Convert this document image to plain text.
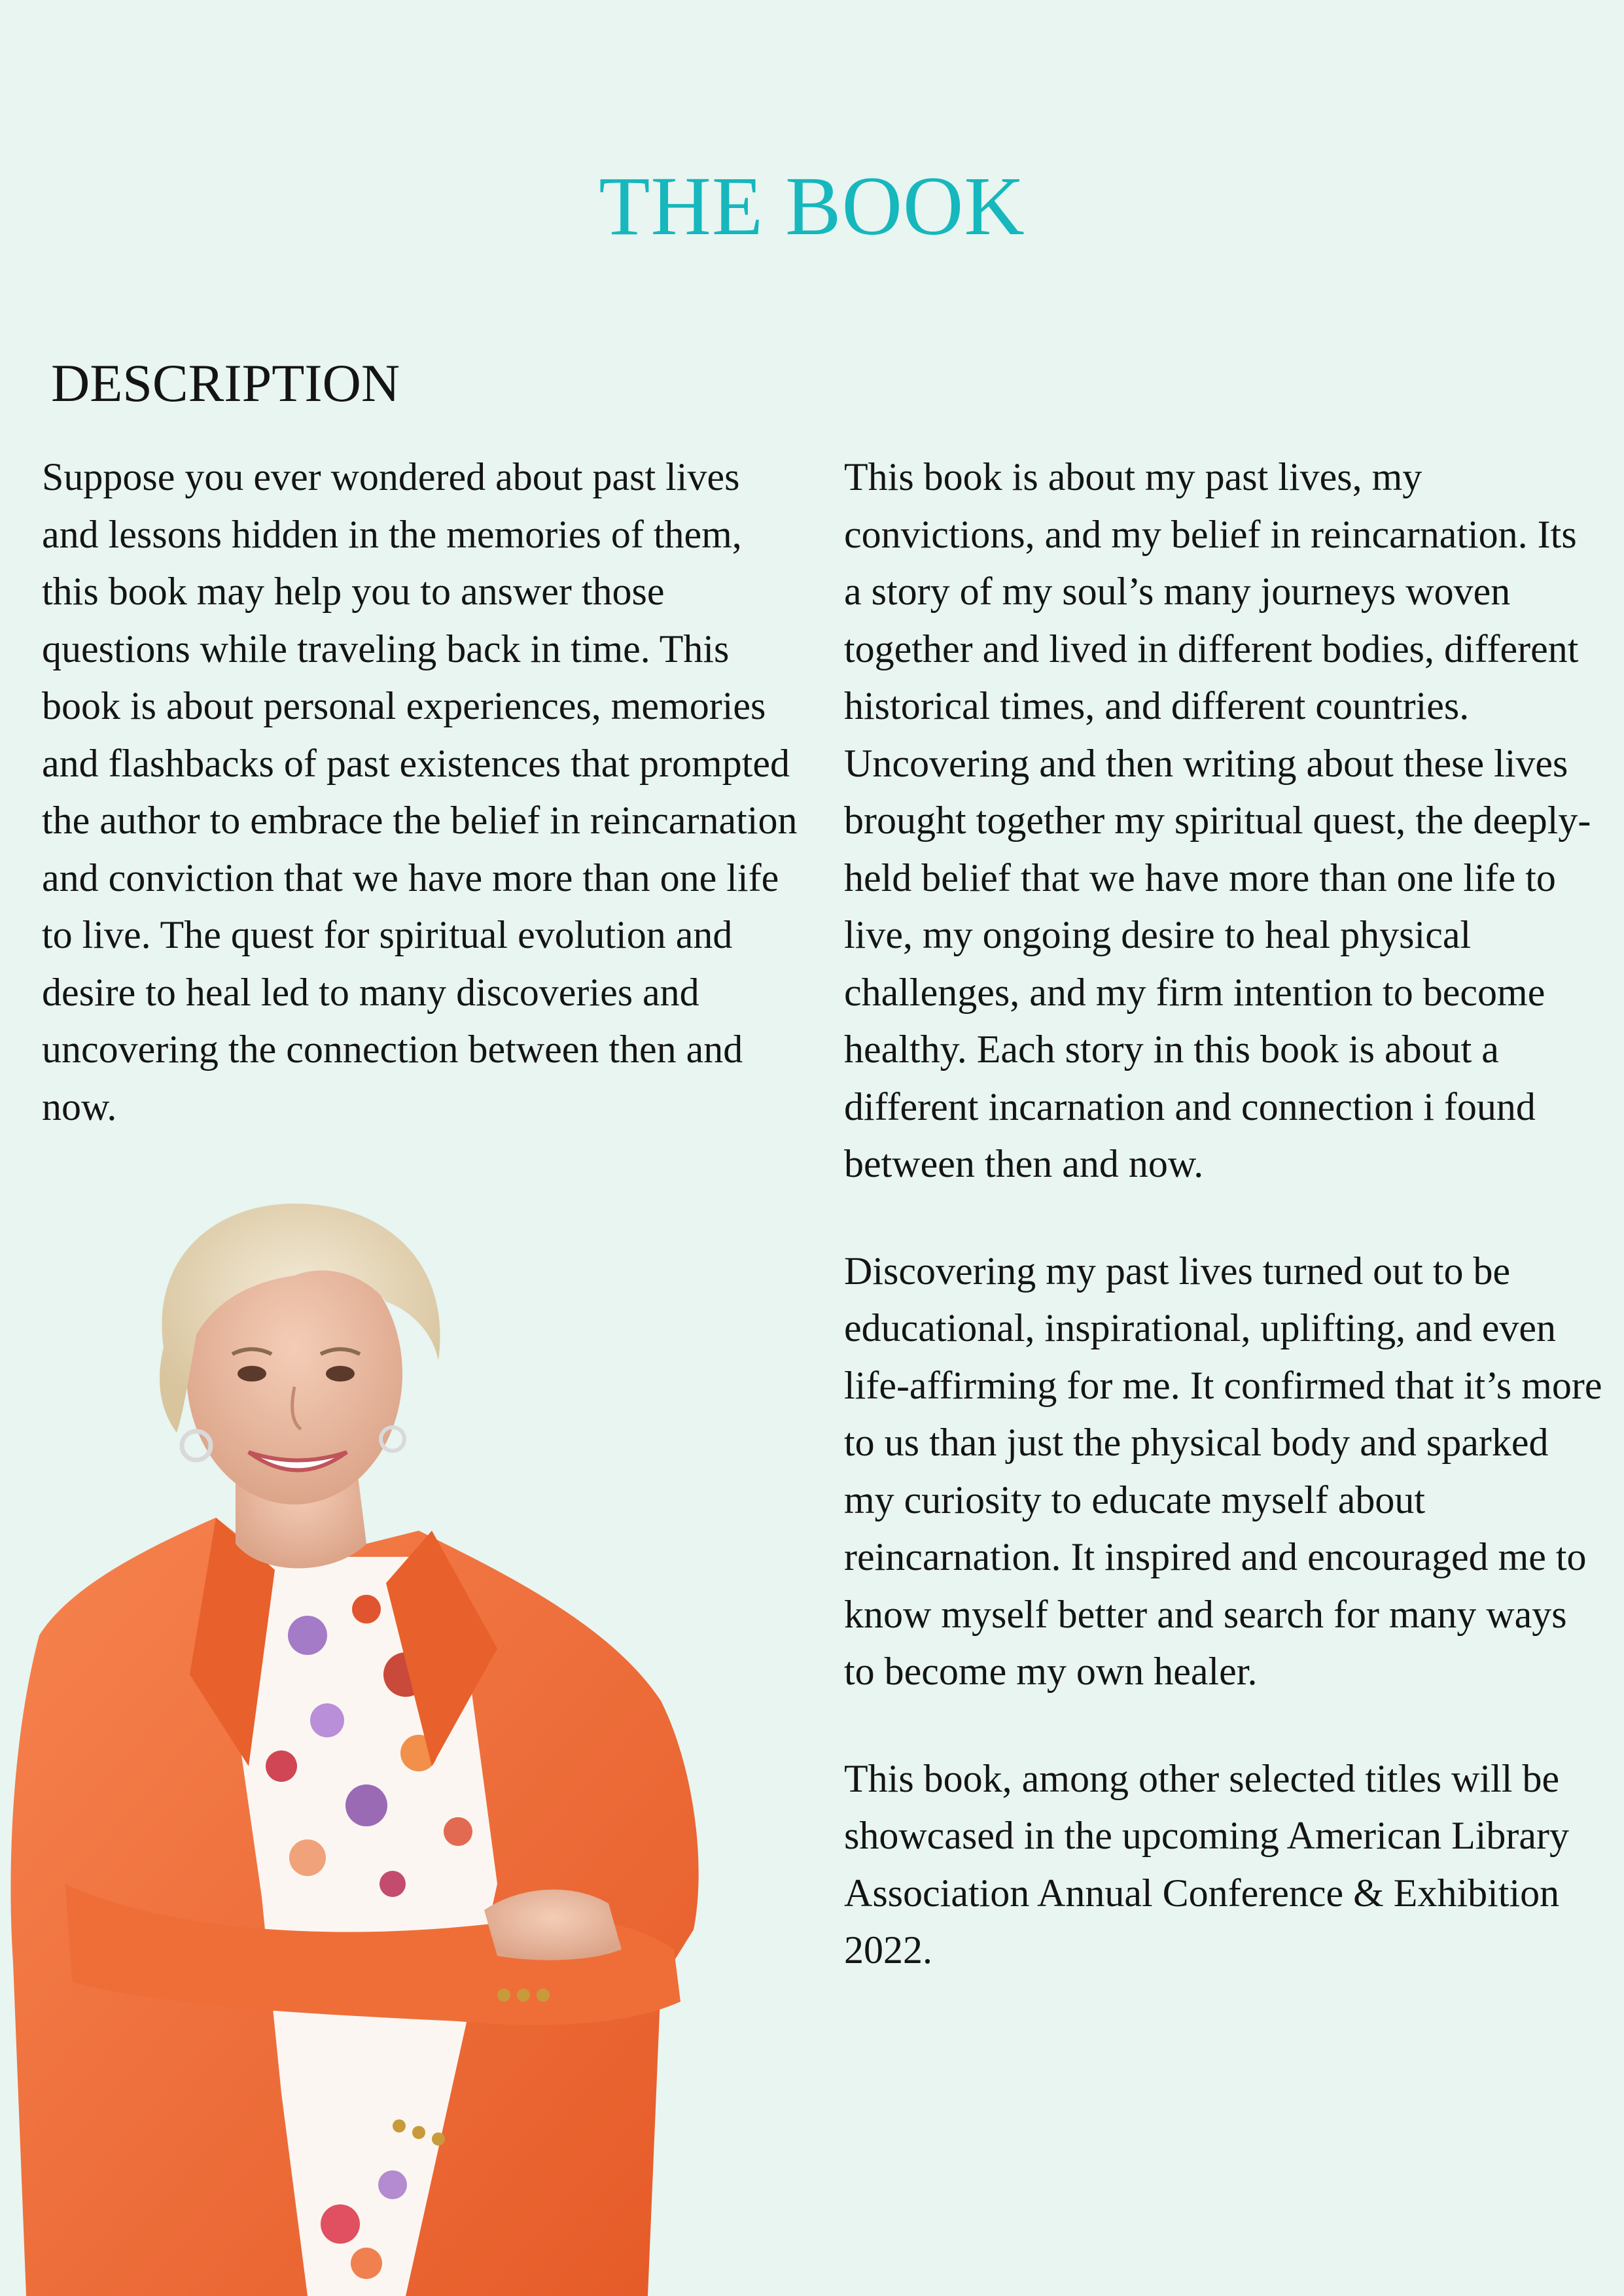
THE BOOK
DESCRIPTION

Suppose you ever wondered about past lives and lessons hidden in the memories of them, this book may help you to answer those questions while traveling back in time. This book is about personal experiences, memories and flashbacks of past existences that prompted the author to embrace the belief in reincarnation and conviction that we have more than one life to live. The quest for spiritual evolution and desire to heal led to many discoveries and uncovering the connection between then and now.

This book is about my past lives, my convictions, and my belief in reincarnation. Its a story of my soul’s many journeys woven together and lived in different bodies, different historical times, and different countries. Uncovering and then writing about these lives brought together my spiritual quest, the deeply-held belief that we have more than one life to live, my ongoing desire to heal physical challenges, and my firm intention to become healthy. Each story in this book is about a different incarnation and connection i found between then and now.

Discovering my past lives turned out to be educational, inspirational, uplifting, and even life-affirming for me. It confirmed that it’s more to us than just the physical body and sparked my curiosity to educate myself about reincarnation. It inspired and encouraged me to know myself better and search for many ways to become my own healer.

This book, among other selected titles will be showcased in the upcoming American Library Association Annual Conference & Exhibition 2022.
